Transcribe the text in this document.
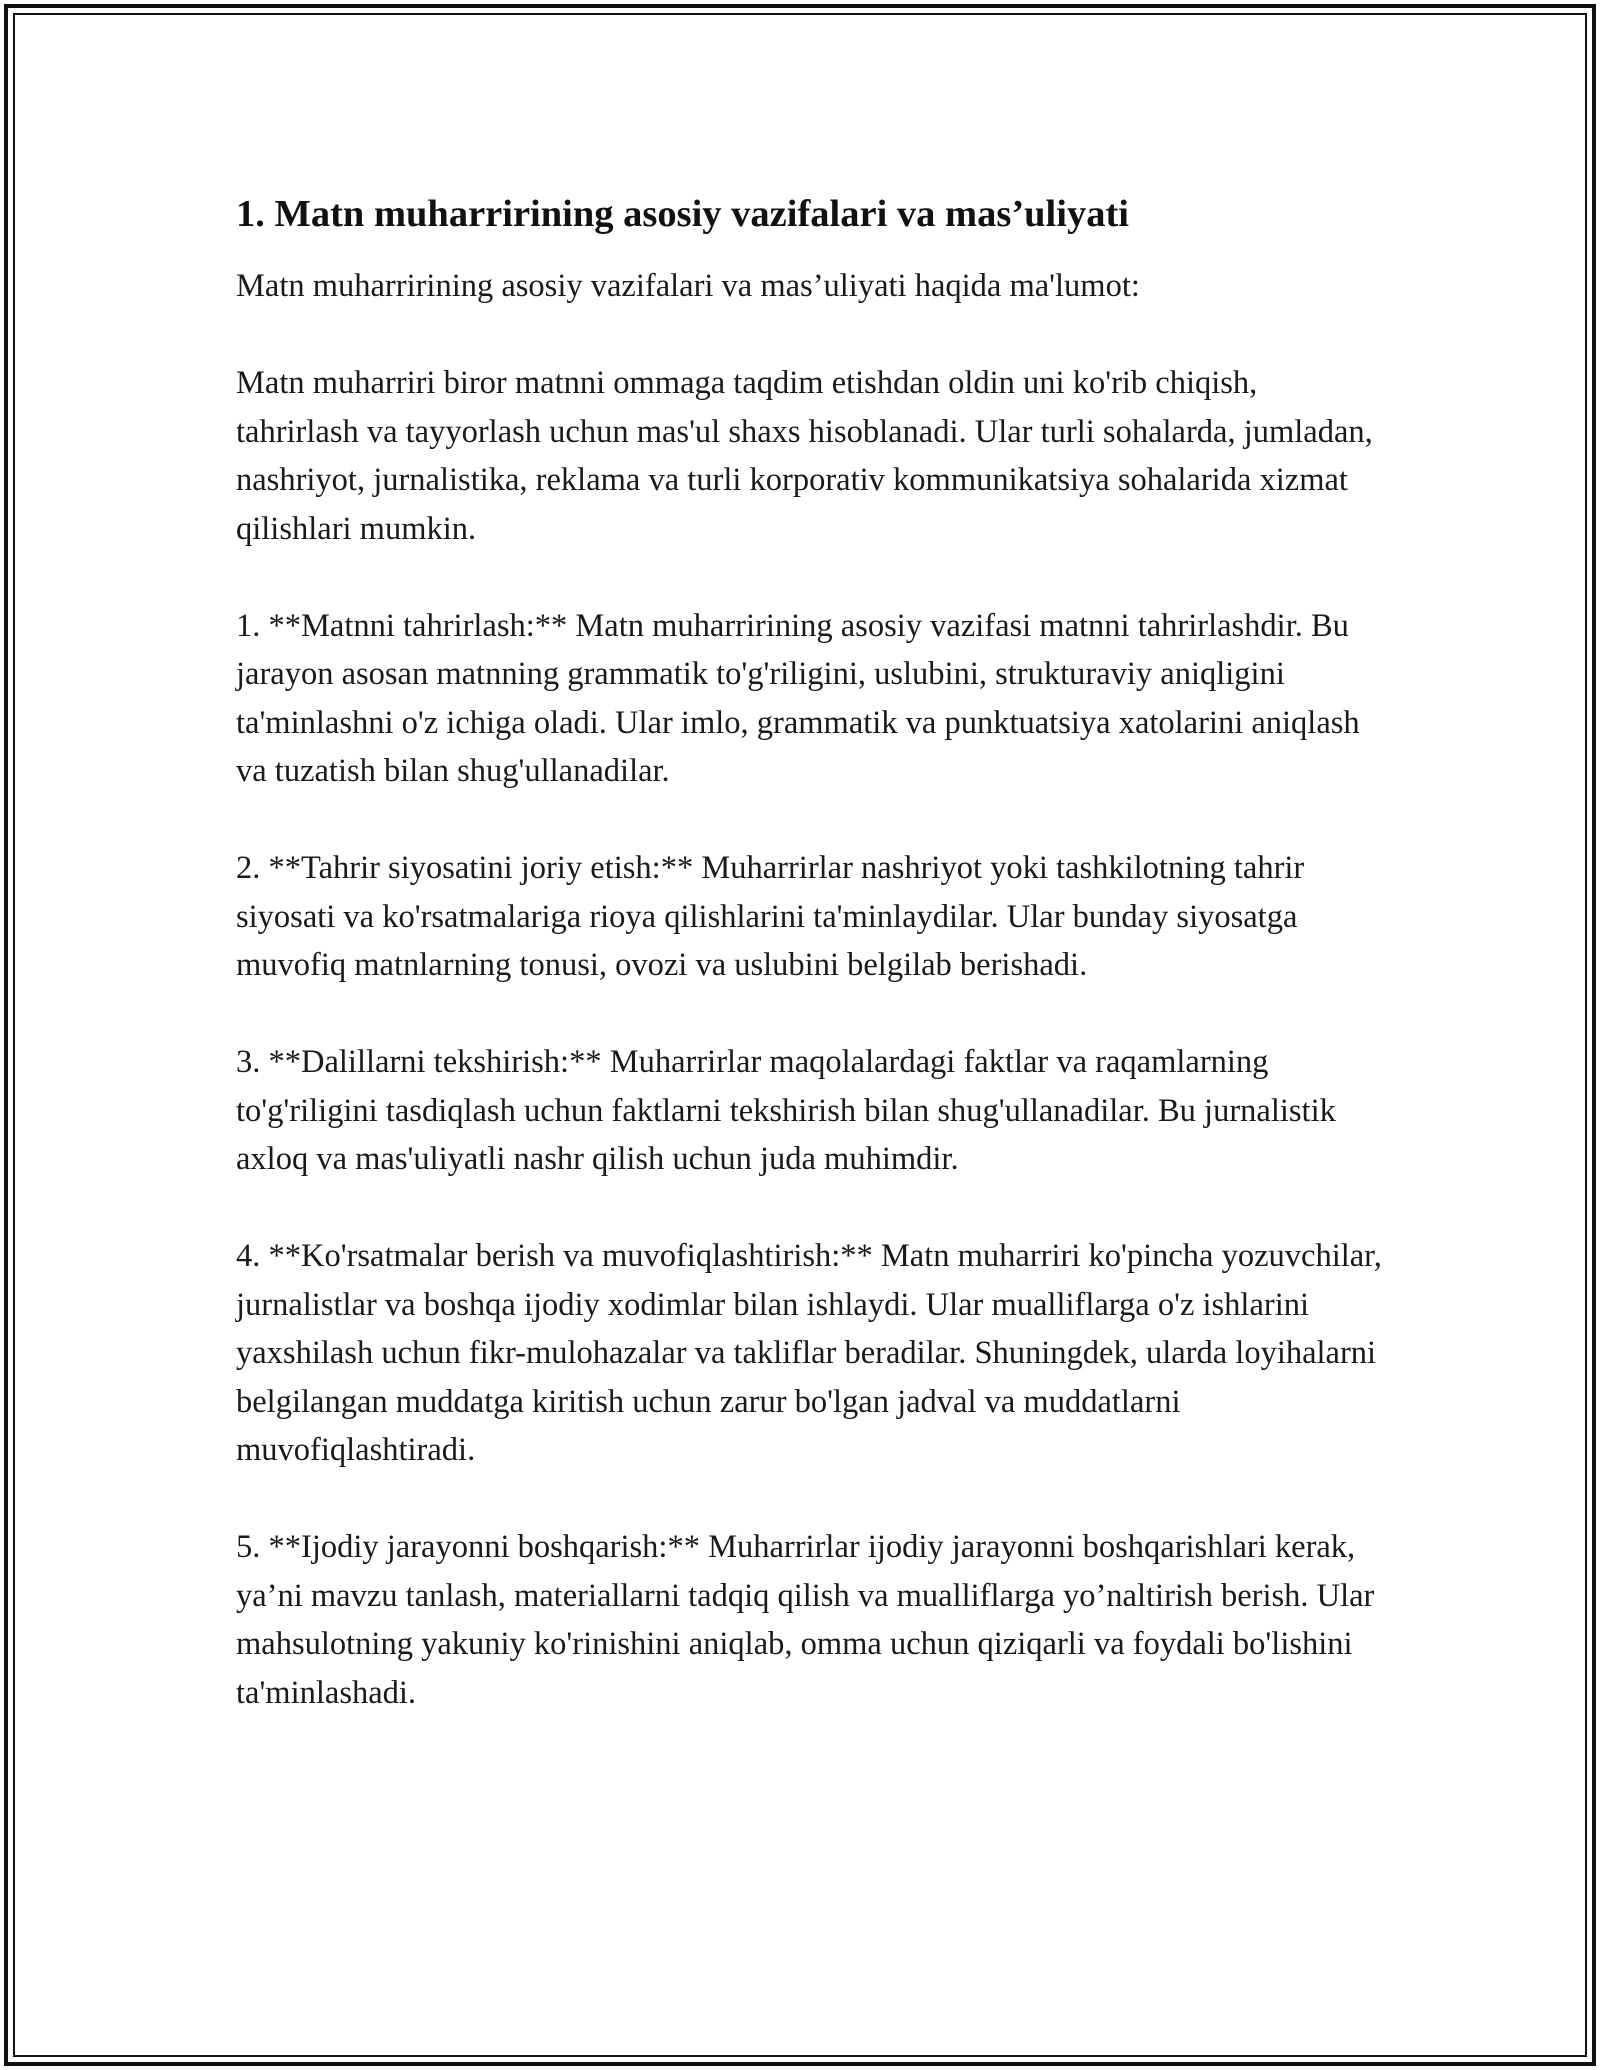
1. Matn muharririning asosiy vazifalari va mas’uliyati

Matn muharririning asosiy vazifalari va mas’uliyati haqida ma'lumot:

Matn muharriri biror matnni ommaga taqdim etishdan oldin uni ko'rib chiqish, tahrirlash va tayyorlash uchun mas'ul shaxs hisoblanadi. Ular turli sohalarda, jumladan, nashriyot, jurnalistika, reklama va turli korporativ kommunikatsiya sohalarida xizmat qilishlari mumkin.

1. **Matnni tahrirlash:** Matn muharririning asosiy vazifasi matnni tahrirlashdir. Bu jarayon asosan matnning grammatik to'g'riligini, uslubini, strukturaviy aniqligini ta'minlashni o'z ichiga oladi. Ular imlo, grammatik va punktuatsiya xatolarini aniqlash va tuzatish bilan shug'ullanadilar.

2. **Tahrir siyosatini joriy etish:** Muharrirlar nashriyot yoki tashkilotning tahrir siyosati va ko'rsatmalariga rioya qilishlarini ta'minlaydilar. Ular bunday siyosatga muvofiq matnlarning tonusi, ovozi va uslubini belgilab berishadi.

3. **Dalillarni tekshirish:** Muharrirlar maqolalardagi faktlar va raqamlarning to'g'riligini tasdiqlash uchun faktlarni tekshirish bilan shug'ullanadilar. Bu jurnalistik axloq va mas'uliyatli nashr qilish uchun juda muhimdir.

4. **Ko'rsatmalar berish va muvofiqlashtirish:** Matn muharriri ko'pincha yozuvchilar, jurnalistlar va boshqa ijodiy xodimlar bilan ishlaydi. Ular mualliflarga o'z ishlarini yaxshilash uchun fikr-mulohazalar va takliflar beradilar. Shuningdek, ularda loyihalarni belgilangan muddatga kiritish uchun zarur bo'lgan jadval va muddatlarni muvofiqlashtiradi.

5. **Ijodiy jarayonni boshqarish:** Muharrirlar ijodiy jarayonni boshqarishlari kerak, ya’ni mavzu tanlash, materiallarni tadqiq qilish va mualliflarga yo’naltirish berish. Ular mahsulotning yakuniy ko'rinishini aniqlab, omma uchun qiziqarli va foydali bo'lishini ta'minlashadi.
